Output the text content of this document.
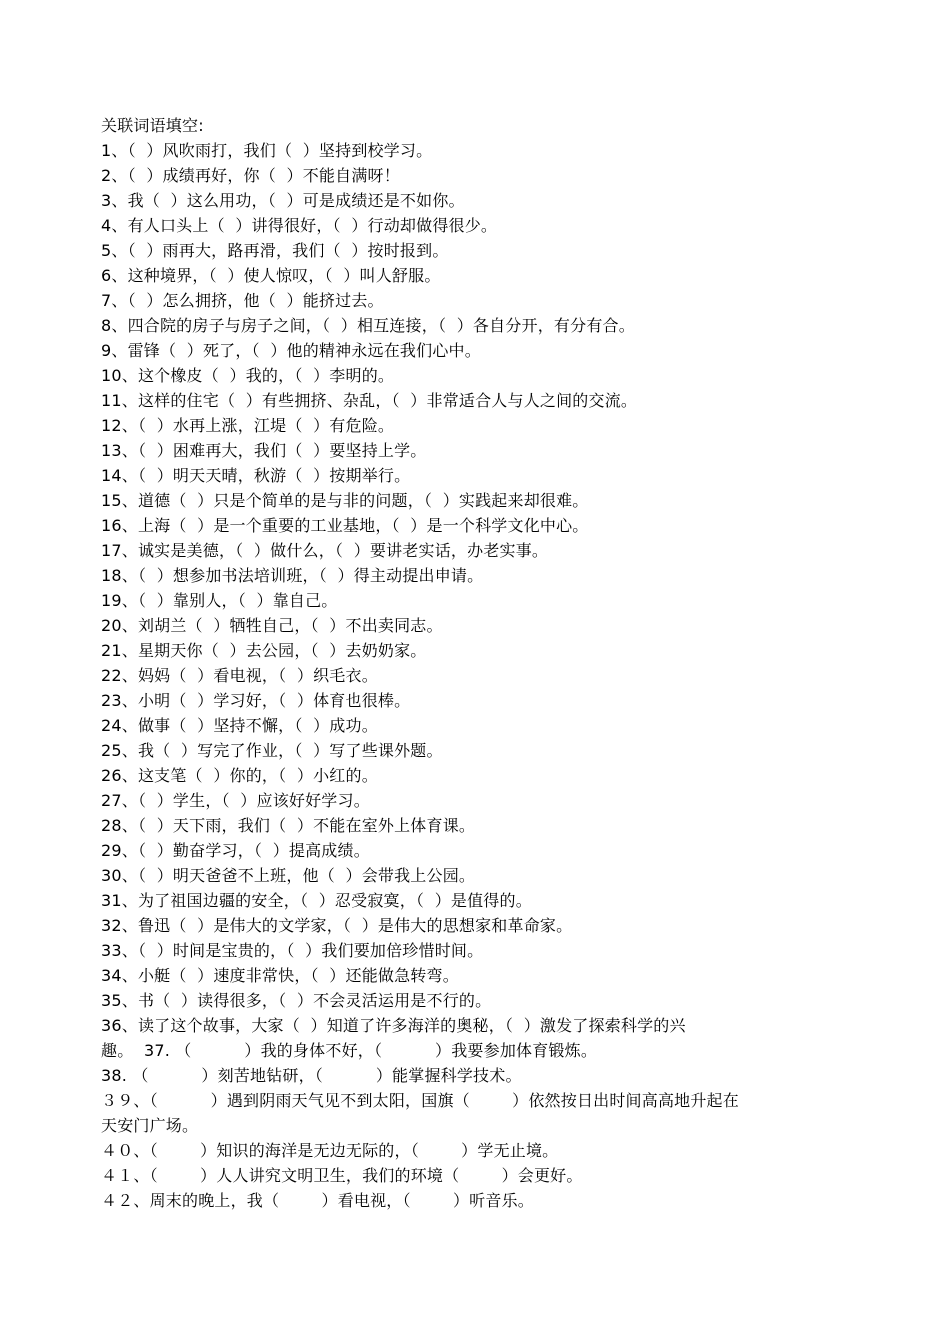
关联词语填空:
1、（  ）风吹雨打，我们（  ）坚持到校学习。
2、（  ）成绩再好，你（  ）不能自满呀！
3、我（  ）这么用功，（  ）可是成绩还是不如你。
4、有人口头上（  ）讲得很好，（  ）行动却做得很少。
5、（  ）雨再大，路再滑，我们（  ）按时报到。
6、这种境界，（  ）使人惊叹，（  ）叫人舒服。
7、（  ）怎么拥挤，他（  ）能挤过去。
8、四合院的房子与房子之间，（  ）相互连接，（  ）各自分开，有分有合。
9、雷锋（  ）死了，（  ）他的精神永远在我们心中。
10、这个橡皮（  ）我的，（  ）李明的。
11、这样的住宅（  ）有些拥挤、杂乱，（  ）非常适合人与人之间的交流。
12、（  ）水再上涨，江堤（  ）有危险。
13、（  ）困难再大，我们（  ）要坚持上学。
14、（  ）明天天晴，秋游（  ）按期举行。
15、道德（  ）只是个简单的是与非的问题，（  ）实践起来却很难。
16、上海（  ）是一个重要的工业基地，（  ）是一个科学文化中心。
17、诚实是美德，（  ）做什么，（  ）要讲老实话，办老实事。
18、（  ）想参加书法培训班，（  ）得主动提出申请。
19、（  ）靠别人，（  ）靠自己。
20、刘胡兰（  ）牺牲自己，（  ）不出卖同志。
21、星期天你（  ）去公园，（  ）去奶奶家。
22、妈妈（  ）看电视，（  ）织毛衣。
23、小明（  ）学习好，（  ）体育也很棒。
24、做事（  ）坚持不懈，（  ）成功。
25、我（  ）写完了作业，（  ）写了些课外题。
26、这支笔（  ）你的，（  ）小红的。
27、（  ）学生，（  ）应该好好学习。
28、（  ）天下雨，我们（  ）不能在室外上体育课。
29、（  ）勤奋学习，（  ）提高成绩。
30、（  ）明天爸爸不上班，他（  ）会带我上公园。
31、为了祖国边疆的安全，（  ）忍受寂寞，（  ）是值得的。
32、鲁迅（  ）是伟大的文学家，（  ）是伟大的思想家和革命家。
33、（  ）时间是宝贵的，（  ）我们要加倍珍惜时间。
34、小艇（  ）速度非常快，（  ）还能做急转弯。
35、书（  ）读得很多，（  ）不会灵活运用是不行的。
36、读了这个故事，大家（  ）知道了许多海洋的奥秘，（  ）激发了探索科学的兴
趣。  37. （          ）我的身体不好，（          ）我要参加体育锻炼。
38. （          ）刻苦地钻研，（          ）能掌握科学技术。
３９、（          ）遇到阴雨天气见不到太阳，国旗（        ）依然按日出时间高高地升起在
天安门广场。
４０、（        ）知识的海洋是无边无际的，（        ）学无止境。
４１、（        ）人人讲究文明卫生，我们的环境（        ）会更好。
４２、周末的晚上，我（        ）看电视，（        ）听音乐。
